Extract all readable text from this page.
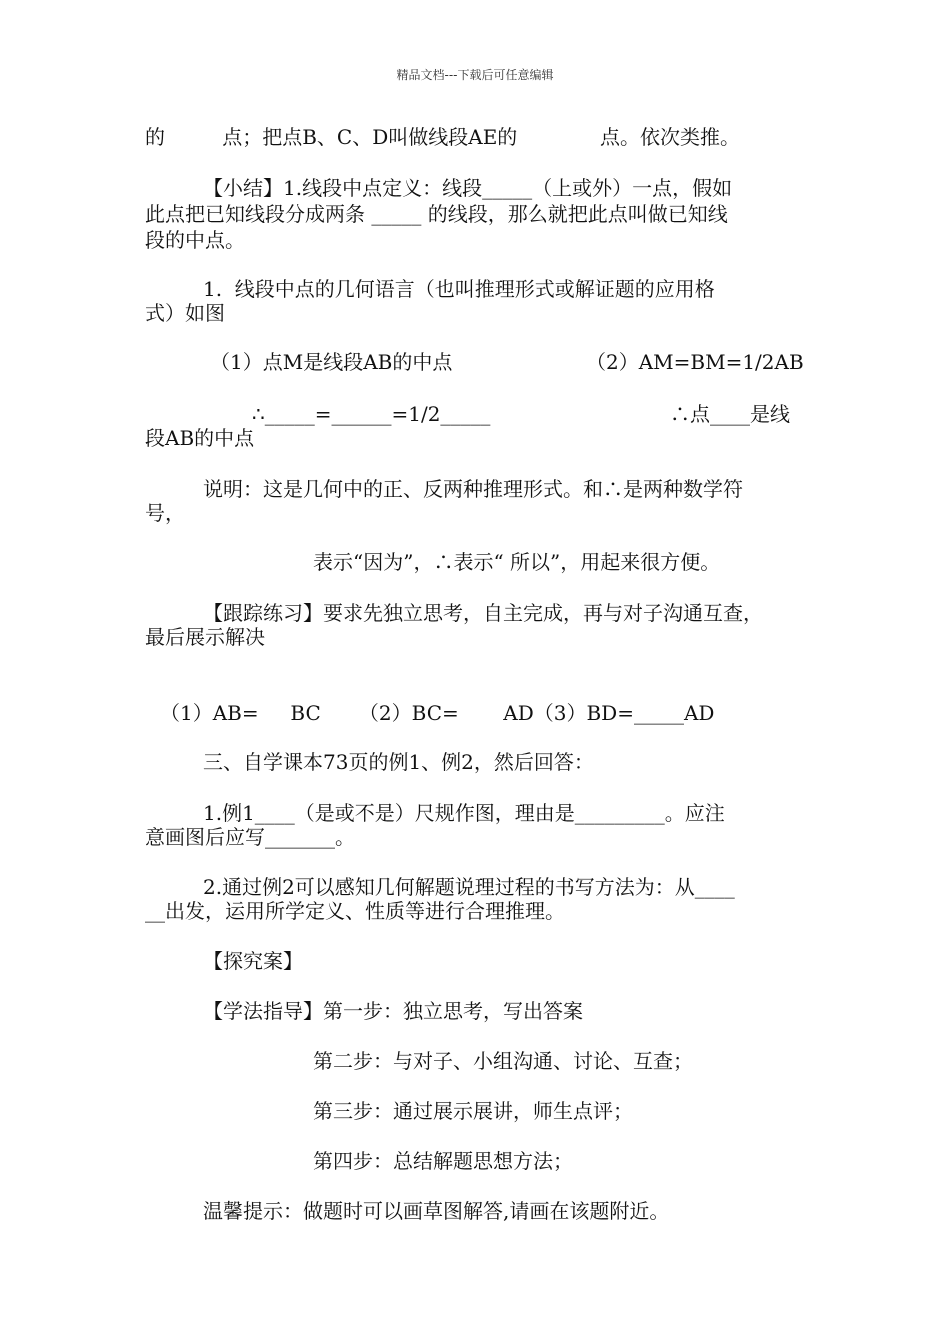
精品文档---下载后可任意编辑
的         点；把点B、C、D叫做线段AE的             点。依次类推。
【小结】1.线段中点定义：线段_____（上或外）一点，假如
此点把已知线段分成两条 _____ 的线段，那么就把此点叫做已知线
段的中点。
1.  线段中点的几何语言（也叫推理形式或解证题的应用格
式）如图
（1）点M是线段AB的中点	（2）AM=BM=1/2AB
∴_____=______=1/2_____	∴点____是线
段AB的中点
说明：这是几何中的正、反两种推理形式。和∴是两种数学符
号，
表示“因为”，∴表示“ 所以”，用起来很方便。
【跟踪练习】要求先独立思考，自主完成，再与对子沟通互查，
最后展示解决
（1）AB=     BC      （2）BC=       AD（3）BD=_____AD
三、自学课本73页的例1、例2，然后回答：
1.例1____（是或不是）尺规作图，理由是_________。应注
意画图后应写_______。
2.通过例2可以感知几何解题说理过程的书写方法为：从____
__出发，运用所学定义、性质等进行合理推理。
【探究案】
【学法指导】第一步：独立思考，写出答案
第二步：与对子、小组沟通、讨论、互查；
第三步：通过展示展讲，师生点评；
第四步：总结解题思想方法；
温馨提示：做题时可以画草图解答,请画在该题附近。
